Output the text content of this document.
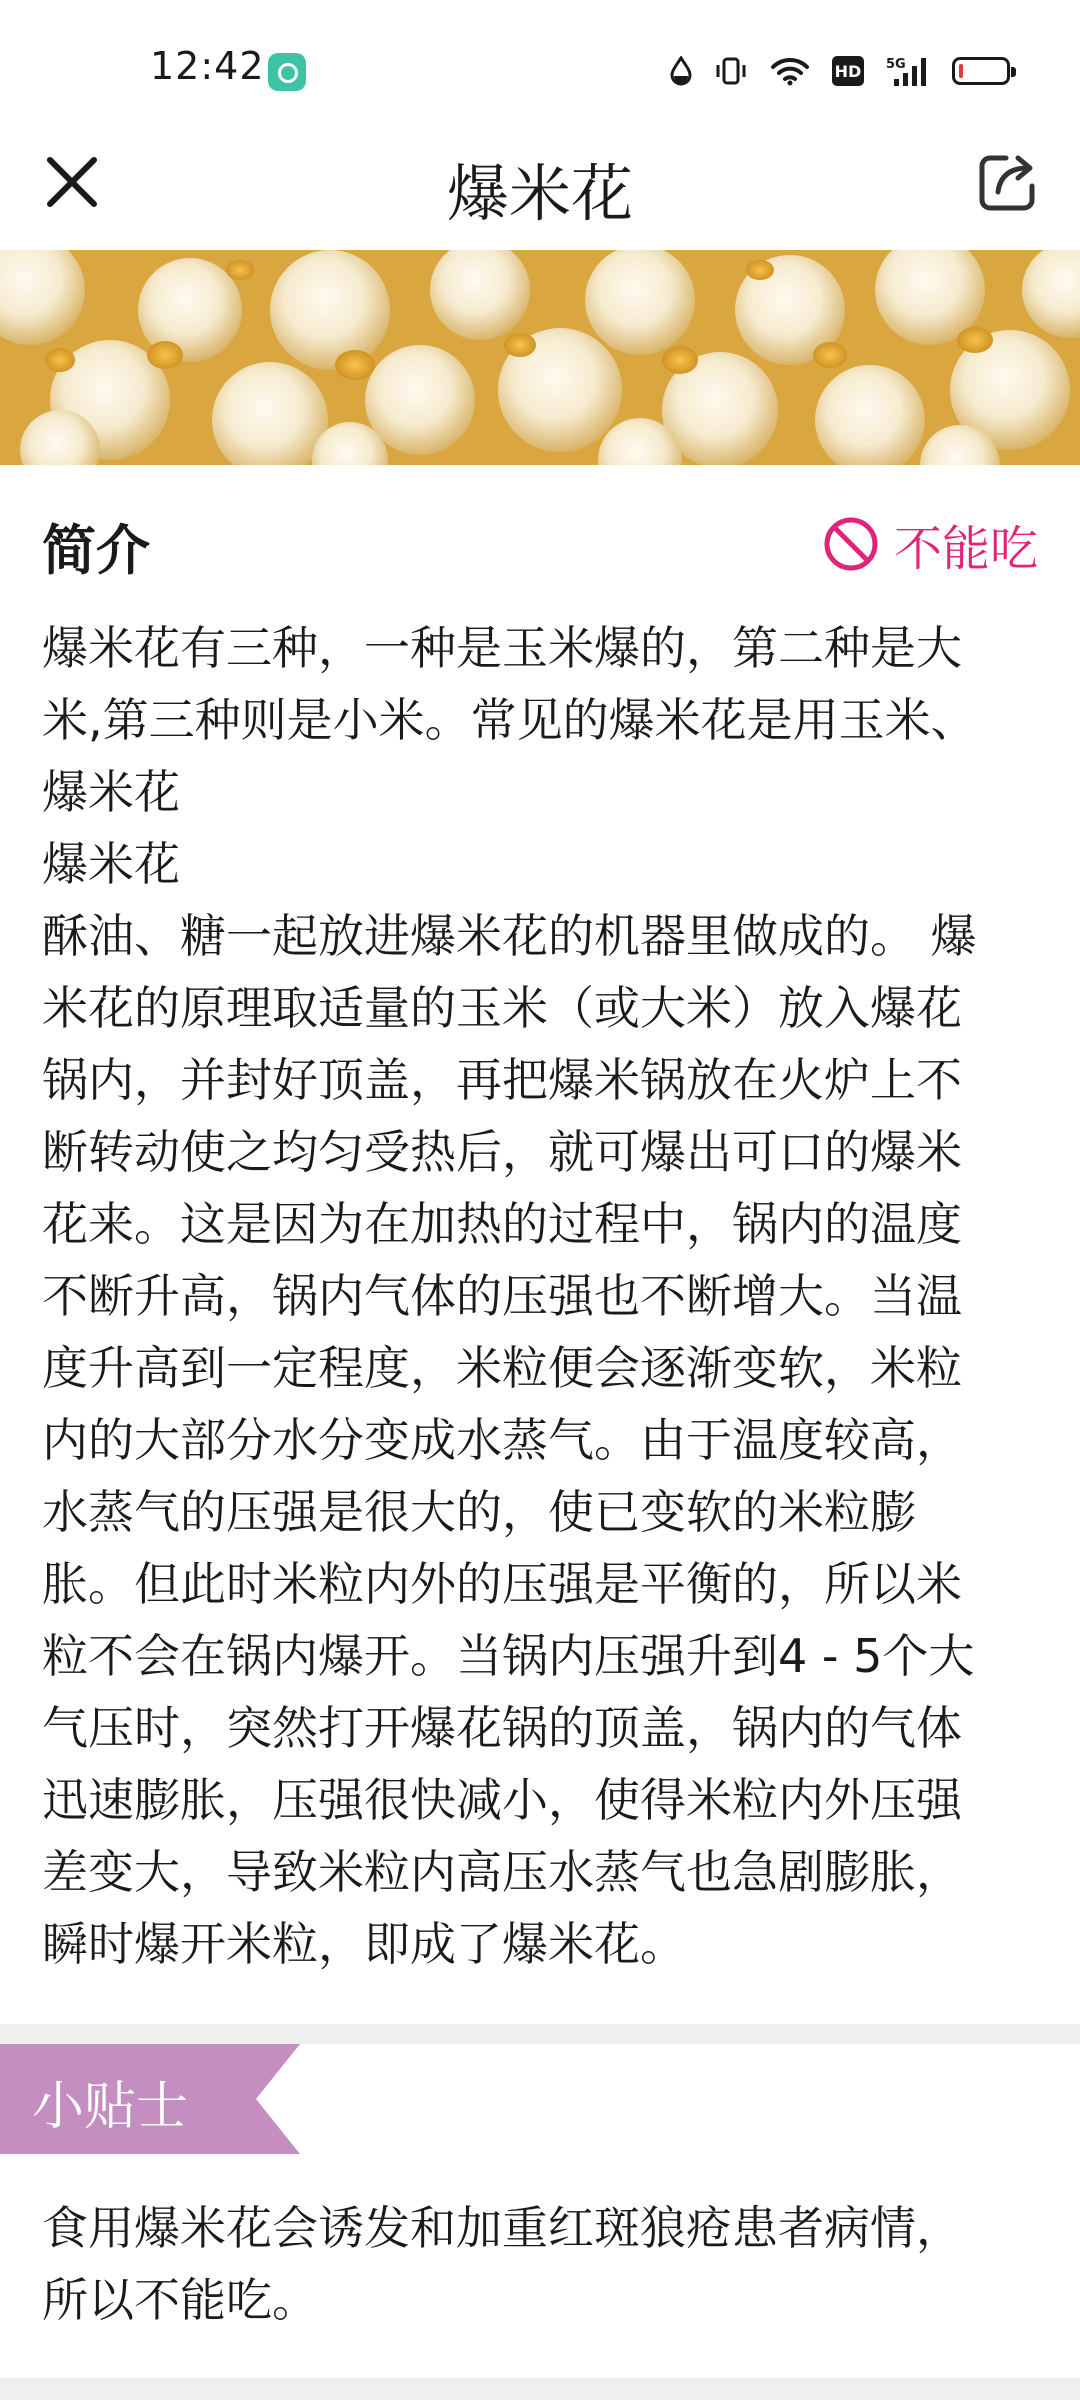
12:42	HD 5G
爆米花
简介	不能吃
爆米花有三种，一种是玉米爆的，第二种是大
米,第三种则是小米。常见的爆米花是用玉米、
爆米花
爆米花
酥油、糖一起放进爆米花的机器里做成的。 爆
米花的原理取适量的玉米（或大米）放入爆花
锅内，并封好顶盖，再把爆米锅放在火炉上不
断转动使之均匀受热后，就可爆出可口的爆米
花来。这是因为在加热的过程中，锅内的温度
不断升高，锅内气体的压强也不断增大。当温
度升高到一定程度，米粒便会逐渐变软，米粒
内的大部分水分变成水蒸气。由于温度较高，
水蒸气的压强是很大的，使已变软的米粒膨
胀。但此时米粒内外的压强是平衡的，所以米
粒不会在锅内爆开。当锅内压强升到4 - 5个大
气压时，突然打开爆花锅的顶盖，锅内的气体
迅速膨胀，压强很快减小，使得米粒内外压强
差变大，导致米粒内高压水蒸气也急剧膨胀，
瞬时爆开米粒，即成了爆米花。
小贴士
食用爆米花会诱发和加重红斑狼疮患者病情，
所以不能吃。
